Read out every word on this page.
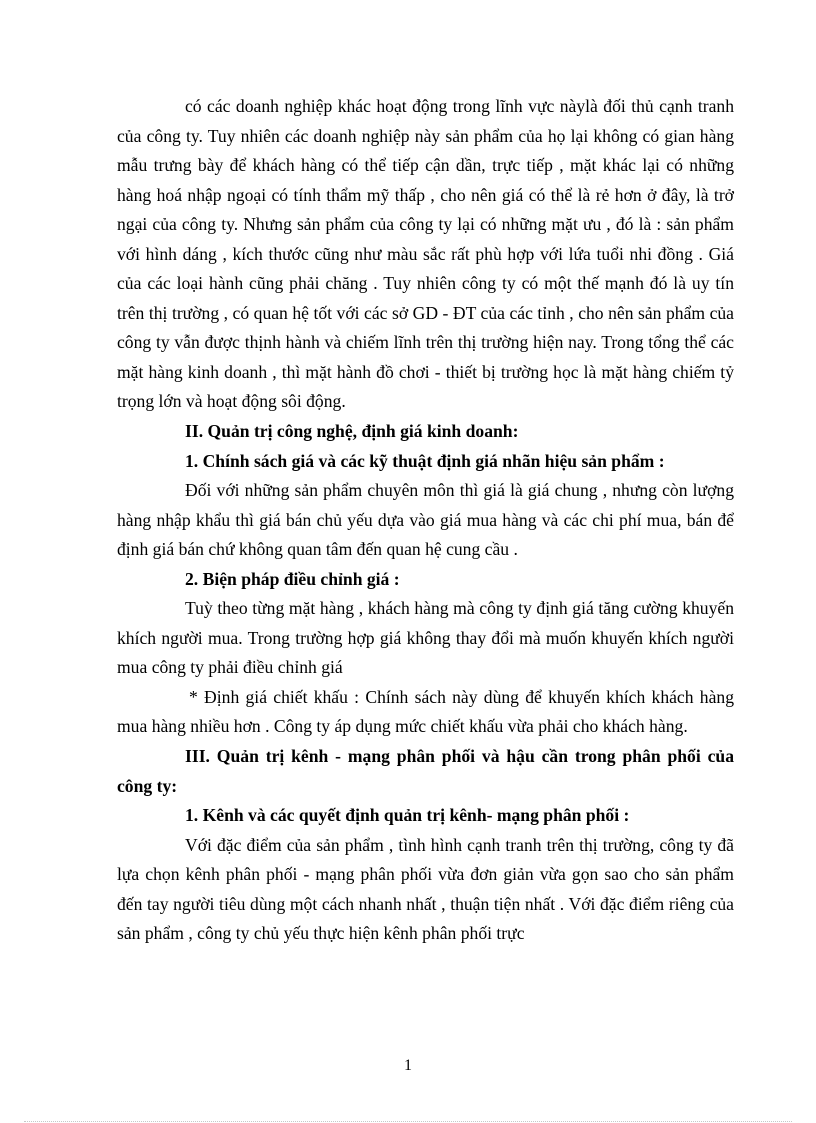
có các doanh nghiệp khác hoạt động trong lĩnh vực nàylà đối thủ cạnh tranh của công ty. Tuy nhiên các doanh nghiệp này sản phẩm của họ lại không có gian hàng mẫu trưng bày để khách hàng có thể tiếp cận dần, trực tiếp , mặt khác lại có những hàng hoá nhập ngoại có tính thẩm mỹ thấp , cho nên giá có thể là rẻ hơn ở đây, là trở ngại của công ty. Nhưng sản phẩm của công ty lại có những mặt ưu , đó là : sản phẩm với hình dáng , kích thước cũng như màu sắc rất phù hợp với lứa tuổi nhi đồng . Giá của các loại hành cũng phải chăng . Tuy nhiên công ty có một thế mạnh đó là uy tín trên thị trường , có quan hệ tốt với các sở GD - ĐT của các tỉnh , cho nên sản phẩm của công ty vẫn được thịnh hành và chiếm lĩnh trên thị trường hiện nay. Trong tổng thể các mặt hàng kinh doanh , thì mặt hành đồ chơi - thiết bị trường học là mặt hàng chiếm tỷ trọng lớn và hoạt động sôi động.

II. Quản trị công nghệ, định giá kinh doanh:

1. Chính sách giá và các kỹ thuật định giá nhãn hiệu sản phẩm :

Đối với những sản phẩm chuyên môn thì giá là giá chung , nhưng còn lượng hàng nhập khẩu thì giá bán chủ yếu dựa vào giá mua hàng và các chi phí mua, bán để định giá bán chứ không quan tâm đến quan hệ cung cầu .

2. Biện pháp điều chỉnh giá :

Tuỳ theo từng mặt hàng , khách hàng mà công ty định giá tăng cường khuyến khích người mua. Trong trường hợp giá không thay đổi mà muốn khuyến khích người mua công ty phải điều chỉnh giá

* Định giá chiết khấu : Chính sách này dùng để khuyến khích khách hàng mua hàng nhiều hơn . Công ty áp dụng mức chiết khấu vừa phải cho khách hàng.

III. Quản trị kênh - mạng phân phối và hậu cần trong phân phối của công ty:

1. Kênh và các quyết định quản trị kênh- mạng phân phối :

Với đặc điểm của sản phẩm , tình hình cạnh tranh trên thị trường, công ty đã lựa chọn kênh phân phối - mạng phân phối vừa đơn giản vừa gọn sao cho sản phẩm đến tay người tiêu dùng một cách nhanh nhất , thuận tiện nhất . Với đặc điểm riêng của sản phẩm , công ty chủ yếu thực hiện kênh phân phối trực

1
